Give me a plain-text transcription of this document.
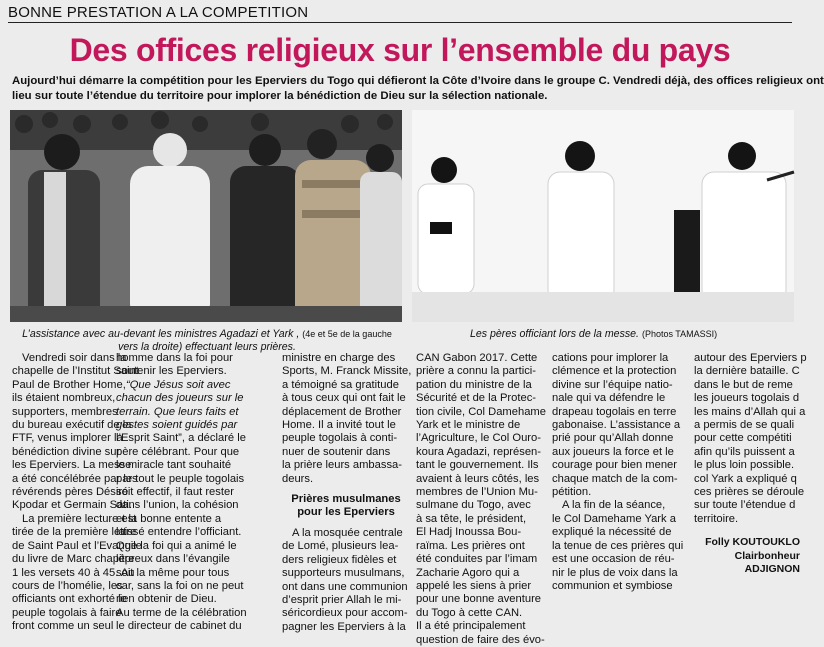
BONNE PRESTATION A LA COMPETITION
Des offices religieux sur l’ensemble du pays
Aujourd’hui démarre la compétition pour les Eperviers du Togo qui défieront la Côte d’Ivoire dans le groupe C. Vendredi déjà, des offices religieux ont
lieu sur toute l’étendue du territoire pour implorer la bénédiction de Dieu sur la sélection nationale.
L’assistance avec au-devant les ministres Agadazi et Yark , (4e et 5e de la gauche
vers la droite) effectuant leurs prières.
Les pères officiant lors de la messe. (Photos TAMASSI)
Vendredi soir dans la
chapelle de l’Institut Saint
Paul de Brother Home,
ils étaient nombreux,
supporters, membres
du bureau exécutif de la
FTF, venus implorer la
bénédiction divine sur
les Eperviers. La messe
a été concélébrée par les
révérends pères Désiré
Kpodar et Germain Sati.
La première lecture est
tirée de la première lettre
de Saint Paul et l’Evangile
du livre de Marc chapitre
1 les versets 40 à 45. Au
cours de l’homélie, les
officiants ont exhorté le
peuple togolais à faire
front comme un seul
homme dans la foi pour
soutenir les Eperviers.
“Que Jésus soit avec
chacun des joueurs sur le
terrain. Que leurs faits et
gestes soient guidés par
l’Esprit Saint”, a déclaré le
père célébrant. Pour que
le miracle tant souhaité
par tout le peuple togolais
soit effectif, il faut rester
dans l’union, la cohésion
et la bonne entente a
laissé entendre l’officiant.
Que la foi qui a animé le
lépreux dans l’évangile
soit la même pour tous
car, sans la foi on ne peut
rien obtenir de Dieu.
Au terme de la célébration
le directeur de cabinet du
ministre en charge des
Sports, M. Franck Missite,
a témoigné sa gratitude
à tous ceux qui ont fait le
déplacement de Brother
Home. Il a invité tout le
peuple togolais à conti-
nuer de soutenir dans
la prière leurs ambassa-
deurs.
Prières musulmanes
pour les Eperviers
A la mosquée centrale
de Lomé, plusieurs lea-
ders religieux fidèles et
supporteurs musulmans,
ont dans une communion
d’esprit prier Allah le mi-
séricordieux pour accom-
pagner les Eperviers à la
CAN Gabon 2017. Cette
prière a connu la partici-
pation du ministre de la
Sécurité et de la Protec-
tion civile, Col Damehame
Yark et le ministre de
l’Agriculture, le Col Ouro-
koura Agadazi, représen-
tant le gouvernement. Ils
avaient à leurs côtés, les
membres de l’Union Mu-
sulmane du Togo, avec
à sa tête, le président,
El Hadj Inoussa Bou-
raïma. Les prières ont
été conduites par l’imam
Zacharie Agoro qui a
appelé les siens à prier
pour une bonne aventure
du Togo à cette CAN.
Il a été principalement
question de faire des évo-
cations pour implorer la
clémence et la protection
divine sur l’équipe natio-
nale qui va défendre le
drapeau togolais en terre
gabonaise. L’assistance a
prié pour qu’Allah donne
aux joueurs la force et le
courage pour bien mener
chaque match de la com-
pétition.
A la fin de la séance,
le Col Damehame Yark a
expliqué la nécessité de
la tenue de ces prières qui
est une occasion de réu-
nir le plus de voix dans la
communion et symbiose
autour des Eperviers p
la dernière bataille. C
dans le but de reme
les joueurs togolais d
les mains d’Allah qui a
a permis de se quali
pour cette compétiti
afin qu’ils puissent a
le plus loin possible.
col Yark a expliqué q
ces prières se déroule
sur toute l’étendue d
territoire.
Folly KOUTOUKLO
Clairbonheur
ADJIGNON
